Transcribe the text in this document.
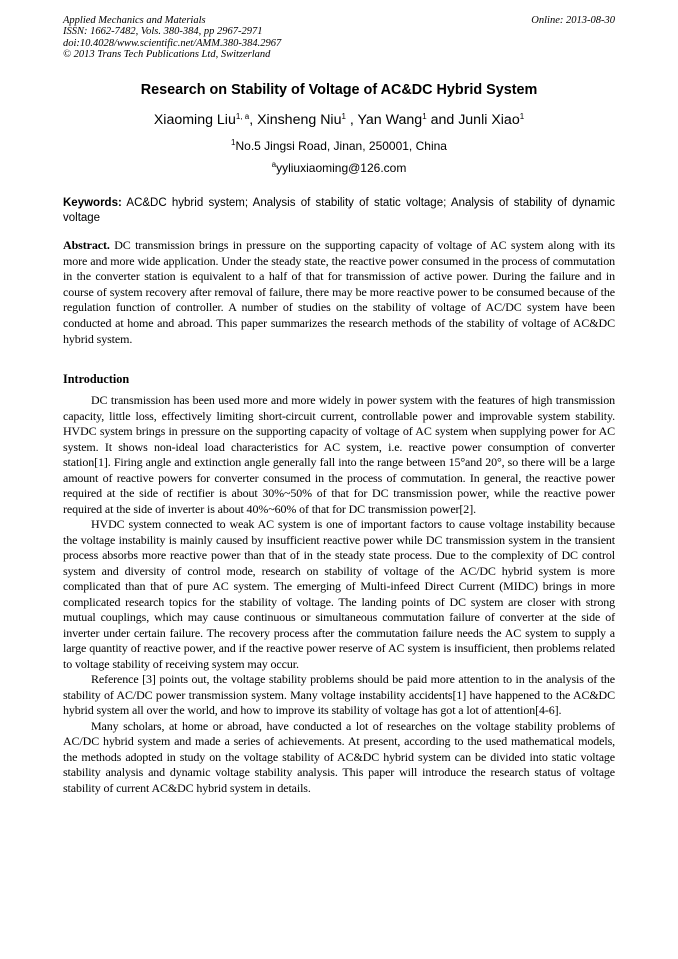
Applied Mechanics and Materials
ISSN: 1662-7482, Vols. 380-384, pp 2967-2971
doi:10.4028/www.scientific.net/AMM.380-384.2967
© 2013 Trans Tech Publications Ltd, Switzerland
Online: 2013-08-30
Research on Stability of Voltage of AC&DC Hybrid System
Xiaoming Liu$^{1, a}$, Xinsheng Niu$^1$ , Yan Wang$^1$ and Junli Xiao$^1$
$^1$No.5 Jingsi Road, Jinan, 250001, China
$^a$yyliuxiaoming@126.com
Keywords: AC&DC hybrid system; Analysis of stability of static voltage; Analysis of stability of dynamic voltage
Abstract. DC transmission brings in pressure on the supporting capacity of voltage of AC system along with its more and more wide application. Under the steady state, the reactive power consumed in the process of commutation in the converter station is equivalent to a half of that for transmission of active power. During the failure and in course of system recovery after removal of failure, there may be more reactive power to be consumed because of the regulation function of controller. A number of studies on the stability of voltage of AC/DC system have been conducted at home and abroad. This paper summarizes the research methods of the stability of voltage of AC&DC hybrid system.
Introduction

DC transmission has been used more and more widely in power system with the features of high transmission capacity, little loss, effectively limiting short-circuit current, controllable power and improvable system stability. HVDC system brings in pressure on the supporting capacity of voltage of AC system when supplying power for AC system. It shows non-ideal load characteristics for AC system, i.e. reactive power consumption of converter station[1]. Firing angle and extinction angle generally fall into the range between 15°and 20°, so there will be a large amount of reactive powers for converter consumed in the process of commutation. In general, the reactive power required at the side of rectifier is about 30%~50% of that for DC transmission power, while the reactive power required at the side of inverter is about 40%~60% of that for DC transmission power[2].

HVDC system connected to weak AC system is one of important factors to cause voltage instability because the voltage instability is mainly caused by insufficient reactive power while DC transmission system in the transient process absorbs more reactive power than that of in the steady state process. Due to the complexity of DC control system and diversity of control mode, research on stability of voltage of the AC/DC hybrid system is more complicated than that of pure AC system. The emerging of Multi-infeed Direct Current (MIDC) brings in more complicated research topics for the stability of voltage. The landing points of DC system are closer with strong mutual couplings, which may cause continuous or simultaneous commutation failure of converter at the side of inverter under certain failure. The recovery process after the commutation failure needs the AC system to supply a large quantity of reactive power, and if the reactive power reserve of AC system is insufficient, then problems related to voltage stability of receiving system may occur.

Reference [3] points out, the voltage stability problems should be paid more attention to in the analysis of the stability of AC/DC power transmission system. Many voltage instability accidents[1] have happened to the AC&DC hybrid system all over the world, and how to improve its stability of voltage has got a lot of attention[4-6].

Many scholars, at home or abroad, have conducted a lot of researches on the voltage stability problems of AC/DC hybrid system and made a series of achievements. At present, according to the used mathematical models, the methods adopted in study on the voltage stability of AC&DC hybrid system can be divided into static voltage stability analysis and dynamic voltage stability analysis. This paper will introduce the research status of voltage stability of current AC&DC hybrid system in details.
